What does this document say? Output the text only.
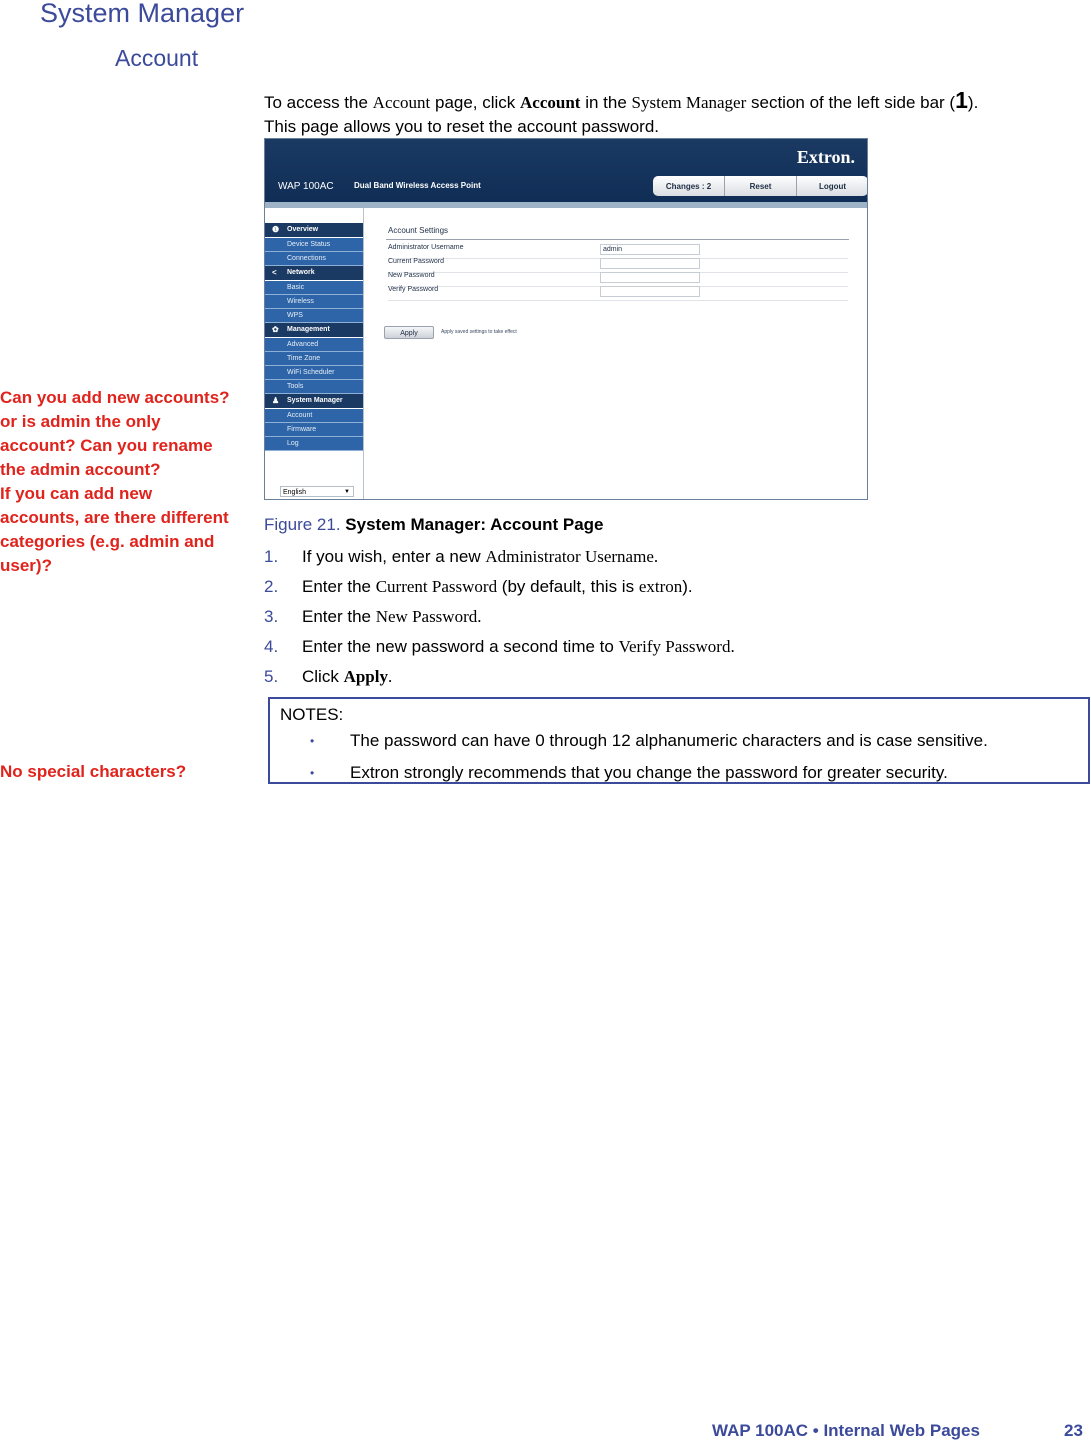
System Manager
Account
To access the Account page, click Account in the System Manager section of the left side bar (1).
This page allows you to reset the account password.
Can you add new accounts? or is admin the only account? Can you rename the admin account?
If you can add new accounts, are there different categories (e.g. admin and user)?
No special characters?
Extron.
WAP 100AC	Dual Band Wireless Access Point	Changes : 2	Reset	Logout
❶ Overview
Device Status
Connections
< Network
Basic
Wireless
WPS
✿ Management
Advanced
Time Zone
WiFi Scheduler
Tools
♟ System Manager
Account
Firmware
Log
English	▼
Account Settings
Administrator Username	admin
Current Password
New Password
Verify Password
Apply	Apply saved settings to take effect
Figure 21. System Manager: Account Page
1. If you wish, enter a new Administrator Username.
2. Enter the Current Password (by default, this is extron).
3. Enter the New Password.
4. Enter the new password a second time to Verify Password.
5. Click Apply.
NOTES:
• The password can have 0 through 12 alphanumeric characters and is case sensitive.
• Extron strongly recommends that you change the password for greater security.
WAP 100AC • Internal Web Pages	23
